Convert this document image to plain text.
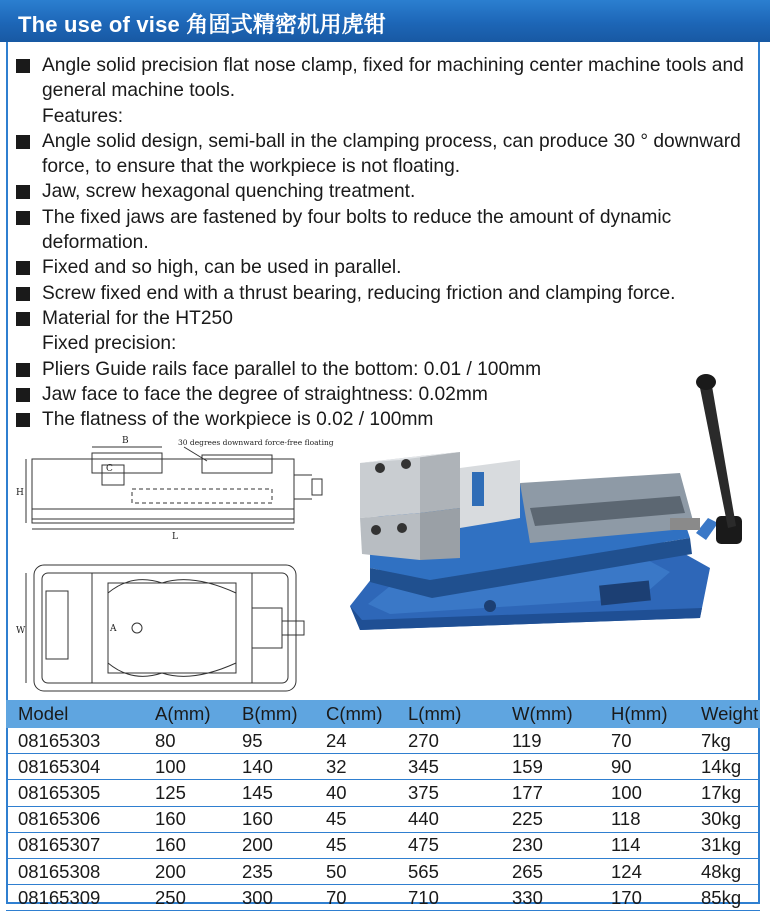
The use of vise 角固式精密机用虎钳
Angle solid precision flat nose clamp, fixed for machining center machine tools and general machine tools.
Features:
Angle solid design, semi-ball in the clamping process, can produce 30 ° downward force, to ensure that the workpiece is not floating.
Jaw, screw hexagonal quenching treatment.
The fixed jaws are fastened by four bolts to reduce the amount of dynamic deformation.
Fixed and so high, can be used in parallel.
Screw fixed end with a thrust bearing, reducing friction and clamping force.
Material for the HT250
Fixed precision:
Pliers Guide rails face parallel to the bottom: 0.01 / 100mm
Jaw face to face the degree of straightness: 0.02mm
The flatness of the workpiece is 0.02 / 100mm
B
C
H
L
30 degrees downward force-free floating
W	A
Model	A(mm)	B(mm)	C(mm)	L(mm)	W(mm)	H(mm)	Weight
08165303	80	95	24	270	119	70	7kg
08165304	100	140	32	345	159	90	14kg
08165305	125	145	40	375	177	100	17kg
08165306	160	160	45	440	225	118	30kg
08165307	160	200	45	475	230	114	31kg
08165308	200	235	50	565	265	124	48kg
08165309	250	300	70	710	330	170	85kg
